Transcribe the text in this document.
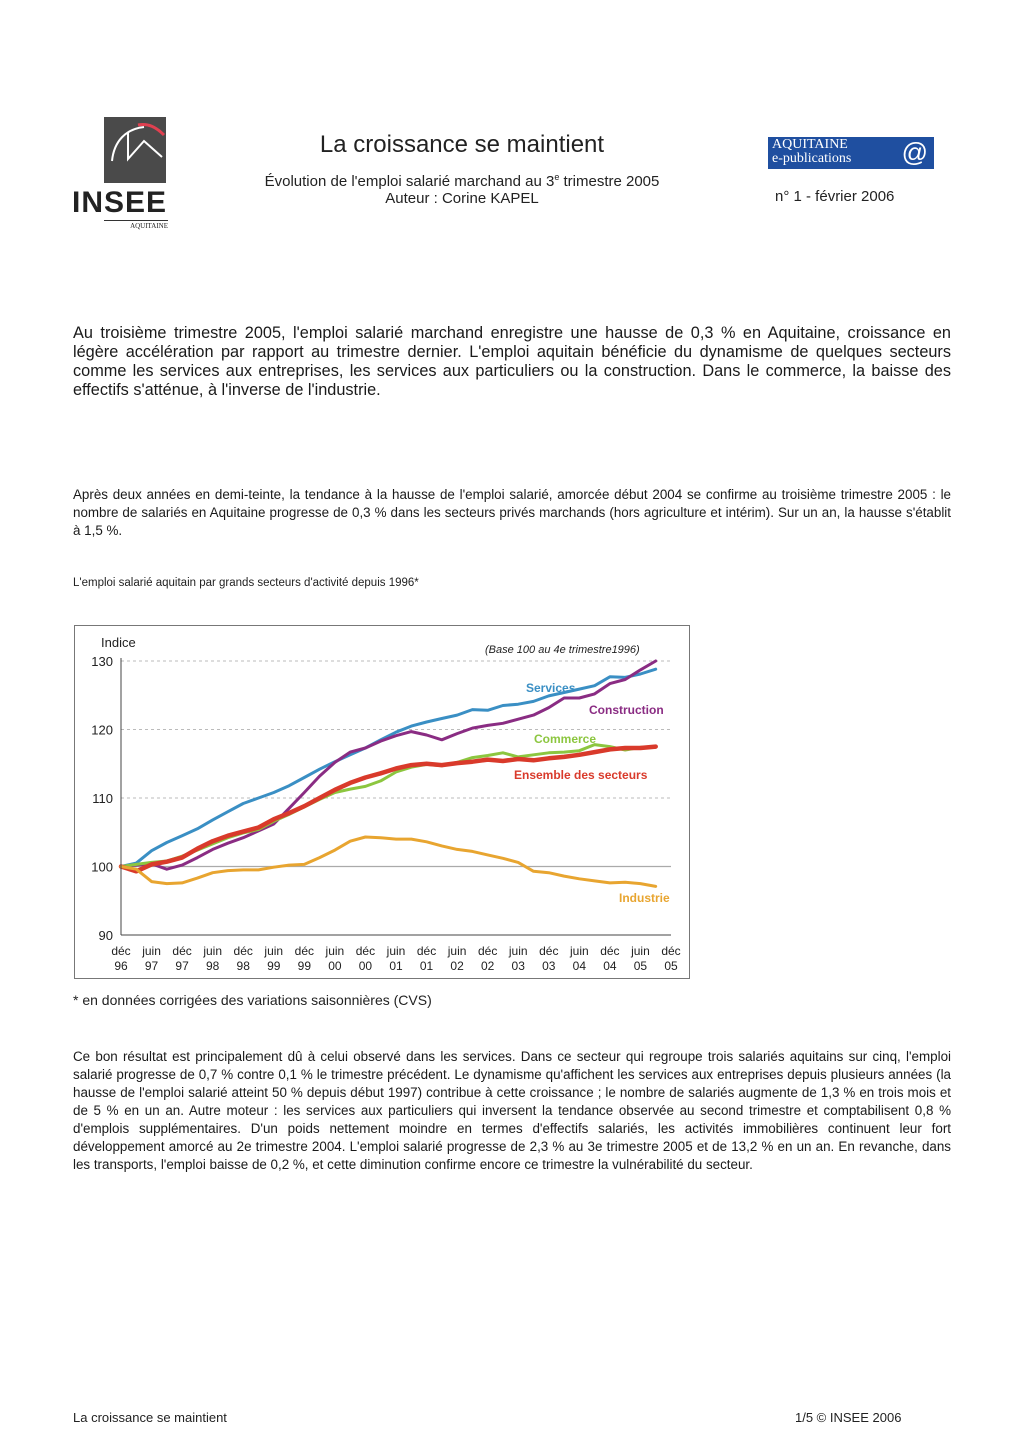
INSEE
AQUITAINE
La croissance se maintient
Évolution de l'emploi salarié marchand au 3e trimestre 2005
Auteur : Corine KAPEL
AQUITAINE
e-publications @
n° 1 - février 2006
Au troisième trimestre 2005, l'emploi salarié marchand enregistre une hausse de 0,3 % en Aquitaine, croissance en légère accélération par rapport au trimestre dernier. L'emploi aquitain bénéficie du dynamisme de quelques secteurs comme les services aux entreprises, les services aux particuliers ou la construction. Dans le commerce, la baisse des effectifs s'atténue, à l'inverse de l'industrie.
Après deux années en demi-teinte, la tendance à la hausse de l'emploi salarié, amorcée début 2004 se confirme au troisième trimestre 2005 : le nombre de salariés en Aquitaine progresse de 0,3 % dans les secteurs privés marchands (hors agriculture et intérim). Sur un an, la hausse s'établit à 1,5 %.
L'emploi salarié aquitain par grands secteurs d'activité depuis 1996*
90
100
110
120
130
déc
96
juin
97
déc
97
juin
98
déc
98
juin
99
déc
99
juin
00
déc
00
juin
01
déc
01
juin
02
déc
02
juin
03
déc
03
juin
04
déc
04
juin
05
déc
05
Indice	(Base 100 au 4e trimestre1996)
Services
Construction
Commerce
Ensemble des secteurs
Industrie
* en données corrigées des variations saisonnières (CVS)
Ce bon résultat est principalement dû à celui observé dans les services. Dans ce secteur qui regroupe trois salariés aquitains sur cinq, l'emploi salarié progresse de 0,7 % contre 0,1 % le trimestre précédent. Le dynamisme qu'affichent les services aux entreprises depuis plusieurs années (la hausse de l'emploi salarié atteint 50 % depuis début 1997) contribue à cette croissance ; le nombre de salariés augmente de 1,3 % en trois mois et de 5 % en un an. Autre moteur : les services aux particuliers qui inversent la tendance observée au second trimestre et comptabilisent 0,8 % d'emplois supplémentaires. D'un poids nettement moindre en termes d'effectifs salariés, les activités immobilières continuent leur fort développement amorcé au 2e trimestre 2004. L'emploi salarié progresse de 2,3 % au 3e trimestre 2005 et de 13,2 % en un an. En revanche, dans les transports, l'emploi baisse de 0,2 %, et cette diminution confirme encore ce trimestre la vulnérabilité du secteur.
La croissance se maintient	1/5 © INSEE 2006
